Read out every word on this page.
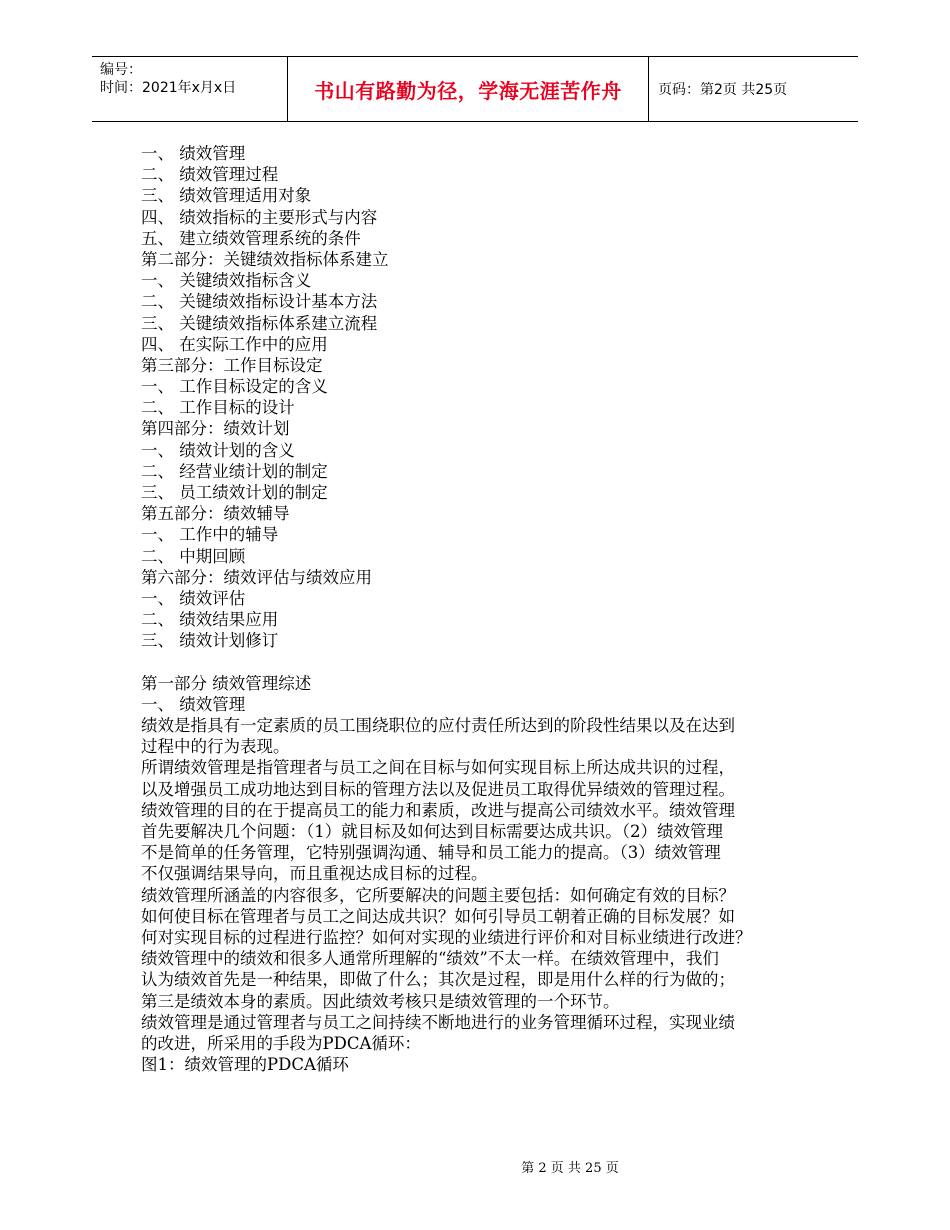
编号：
时间：2021年x月x日	书山有路勤为径，学海无涯苦作舟	页码：第2页 共25页
一、 绩效管理
二、 绩效管理过程
三、 绩效管理适用对象
四、 绩效指标的主要形式与内容
五、 建立绩效管理系统的条件
第二部分：关键绩效指标体系建立
一、 关键绩效指标含义
二、 关键绩效指标设计基本方法
三、 关键绩效指标体系建立流程
四、 在实际工作中的应用
第三部分：工作目标设定
一、 工作目标设定的含义
二、 工作目标的设计
第四部分：绩效计划
一、 绩效计划的含义
二、 经营业绩计划的制定
三、 员工绩效计划的制定
第五部分：绩效辅导
一、 工作中的辅导
二、 中期回顾
第六部分：绩效评估与绩效应用
一、 绩效评估
二、 绩效结果应用
三、 绩效计划修订
第一部分 绩效管理综述
一、 绩效管理
绩效是指具有一定素质的员工围绕职位的应付责任所达到的阶段性结果以及在达到
过程中的行为表现。
所谓绩效管理是指管理者与员工之间在目标与如何实现目标上所达成共识的过程，
以及增强员工成功地达到目标的管理方法以及促进员工取得优异绩效的管理过程。
绩效管理的目的在于提高员工的能力和素质，改进与提高公司绩效水平。绩效管理
首先要解决几个问题：（1）就目标及如何达到目标需要达成共识。（2）绩效管理
不是简单的任务管理，它特别强调沟通、辅导和员工能力的提高。（3）绩效管理
不仅强调结果导向，而且重视达成目标的过程。
绩效管理所涵盖的内容很多，它所要解决的问题主要包括：如何确定有效的目标？
如何使目标在管理者与员工之间达成共识？如何引导员工朝着正确的目标发展？如
何对实现目标的过程进行监控？如何对实现的业绩进行评价和对目标业绩进行改进？
绩效管理中的绩效和很多人通常所理解的“绩效”不太一样。在绩效管理中，我们
认为绩效首先是一种结果，即做了什么；其次是过程，即是用什么样的行为做的；
第三是绩效本身的素质。因此绩效考核只是绩效管理的一个环节。
绩效管理是通过管理者与员工之间持续不断地进行的业务管理循环过程，实现业绩
的改进，所采用的手段为PDCA循环：
图1：绩效管理的PDCA循环
第 2 页 共 25 页
